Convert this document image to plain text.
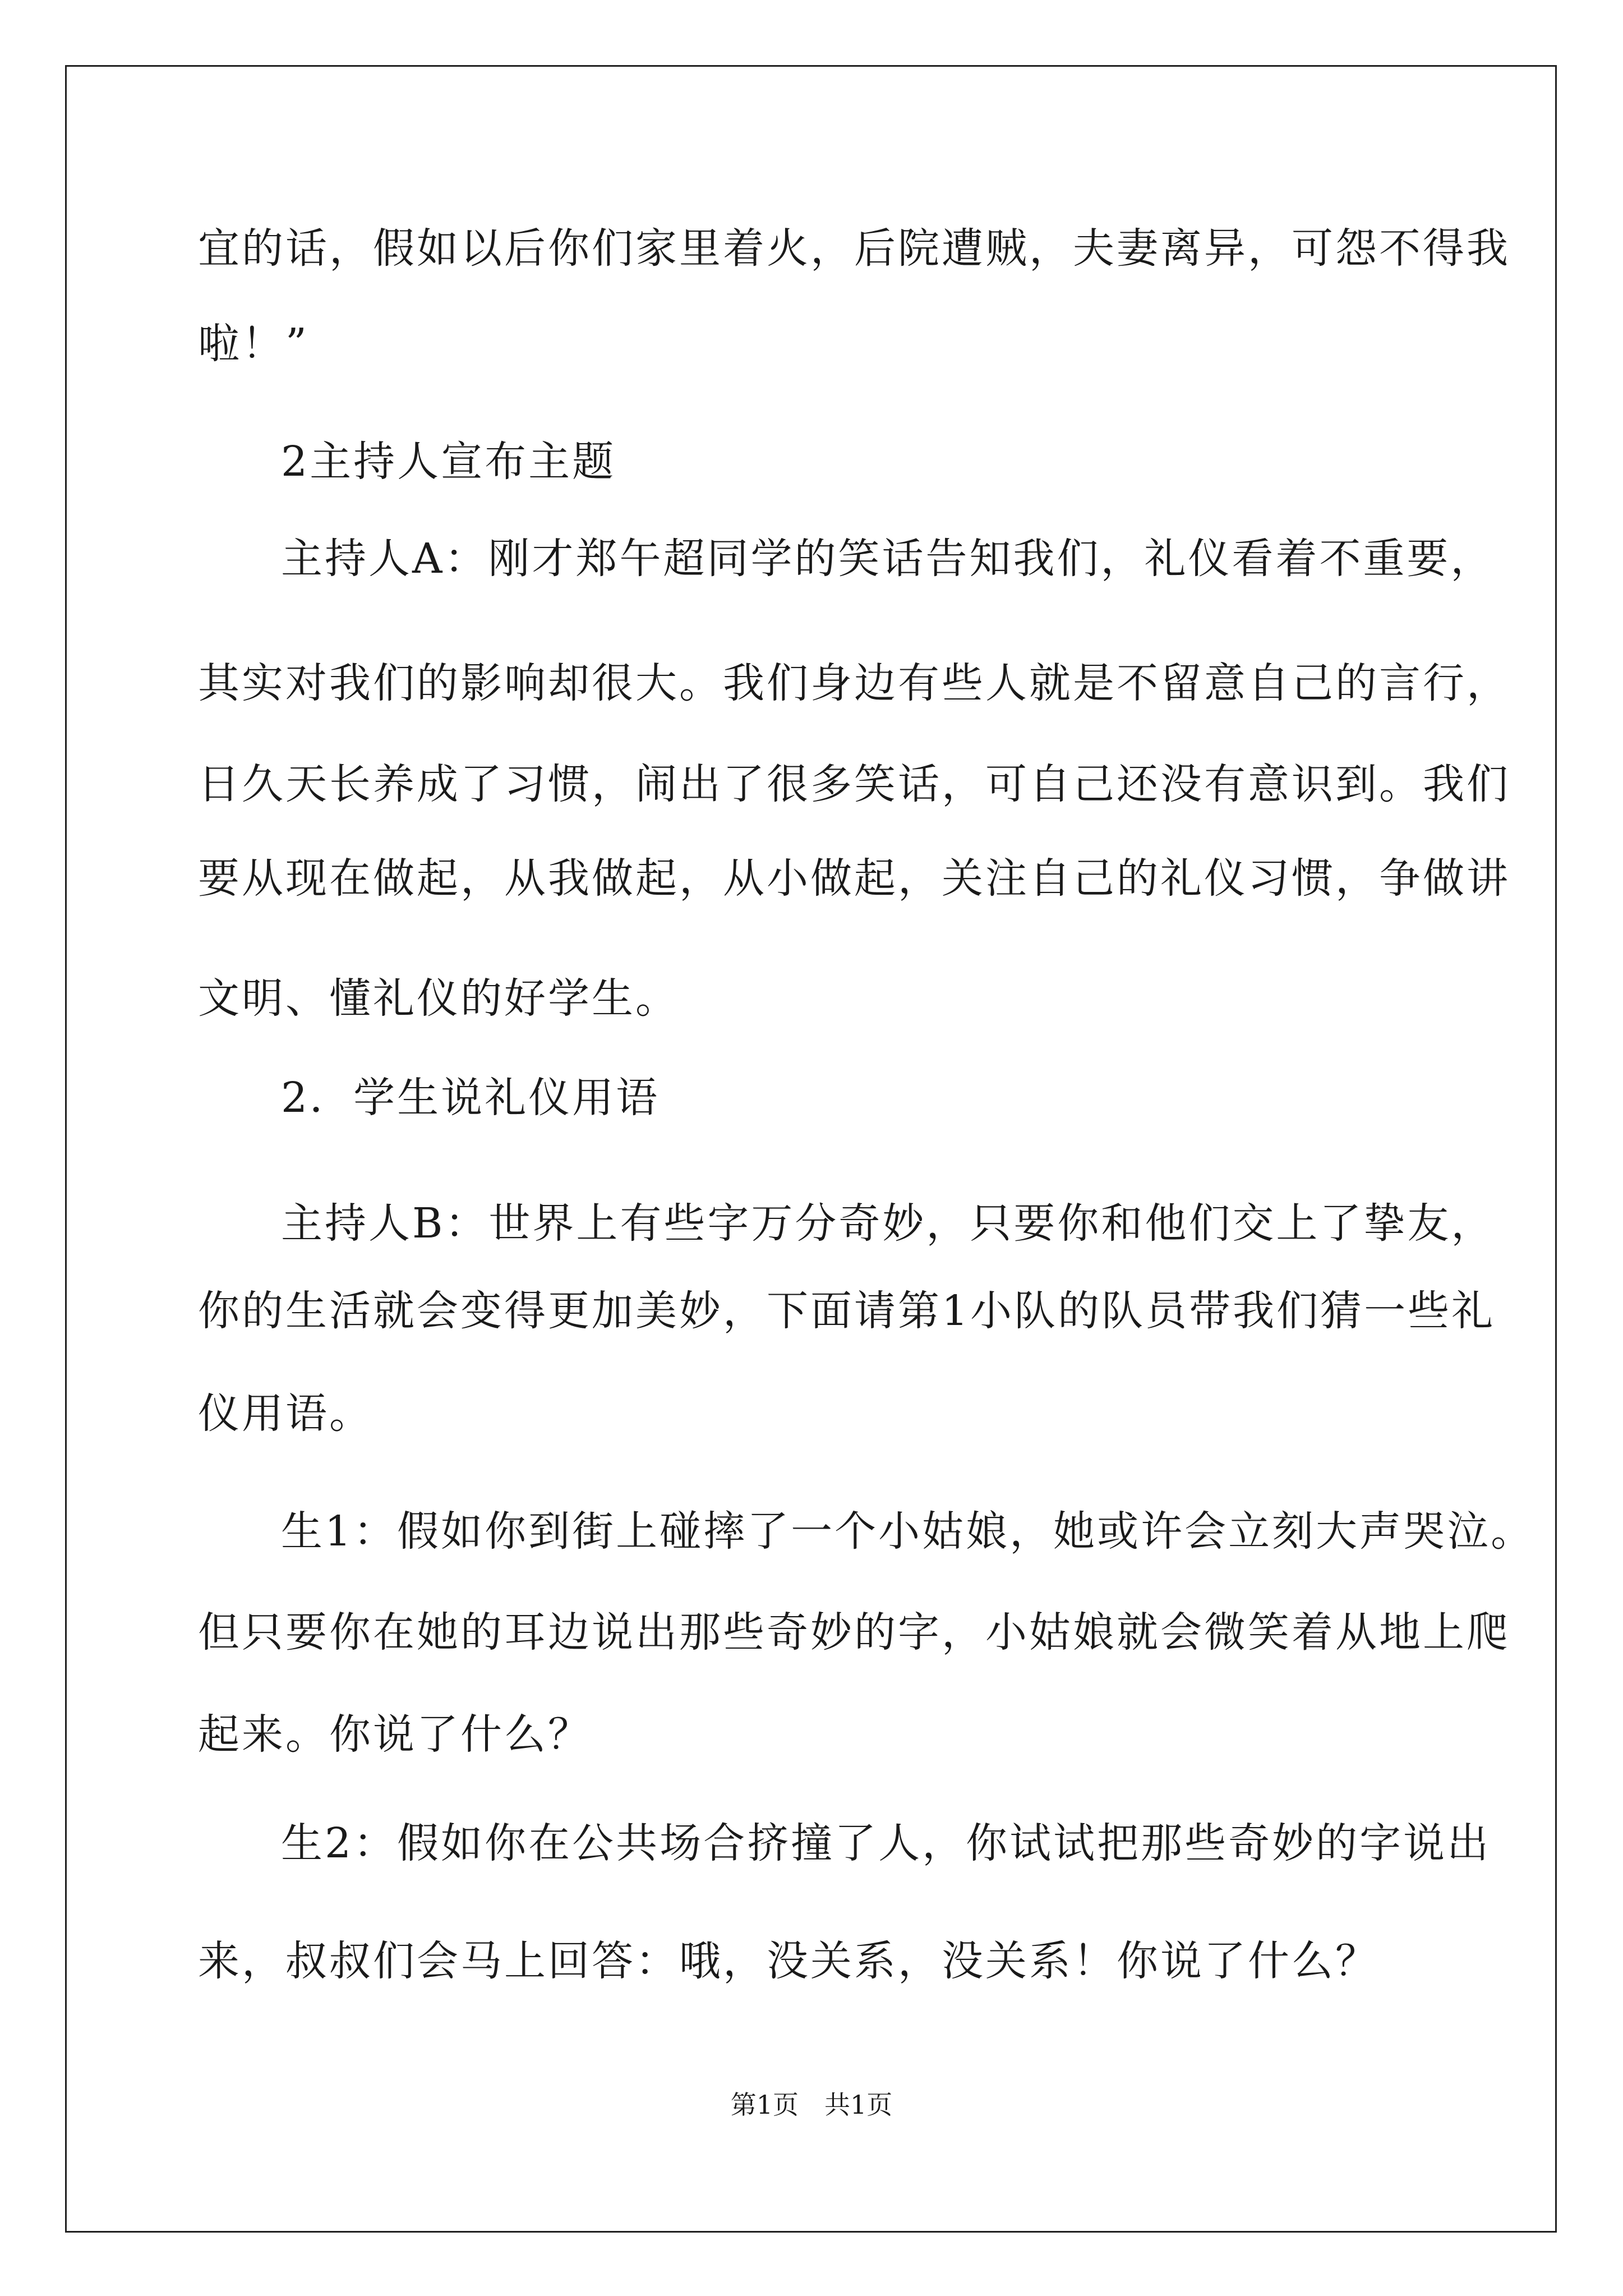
宜的话，假如以后你们家里着火，后院遭贼，夫妻离异，可怨不得我
啦！”
2主持人宣布主题
主持人A：刚才郑午超同学的笑话告知我们，礼仪看着不重要，
其实对我们的影响却很大。我们身边有些人就是不留意自己的言行，
日久天长养成了习惯，闹出了很多笑话，可自己还没有意识到。我们
要从现在做起，从我做起，从小做起，关注自己的礼仪习惯，争做讲
文明、懂礼仪的好学生。
2．学生说礼仪用语
主持人B：世界上有些字万分奇妙，只要你和他们交上了挚友，
你的生活就会变得更加美妙，下面请第1小队的队员带我们猜一些礼
仪用语。
生1：假如你到街上碰摔了一个小姑娘，她或许会立刻大声哭泣。
但只要你在她的耳边说出那些奇妙的字，小姑娘就会微笑着从地上爬
起来。你说了什么？
生2：假如你在公共场合挤撞了人，你试试把那些奇妙的字说出
来，叔叔们会马上回答：哦，没关系，没关系！你说了什么？
第1页　共1页
